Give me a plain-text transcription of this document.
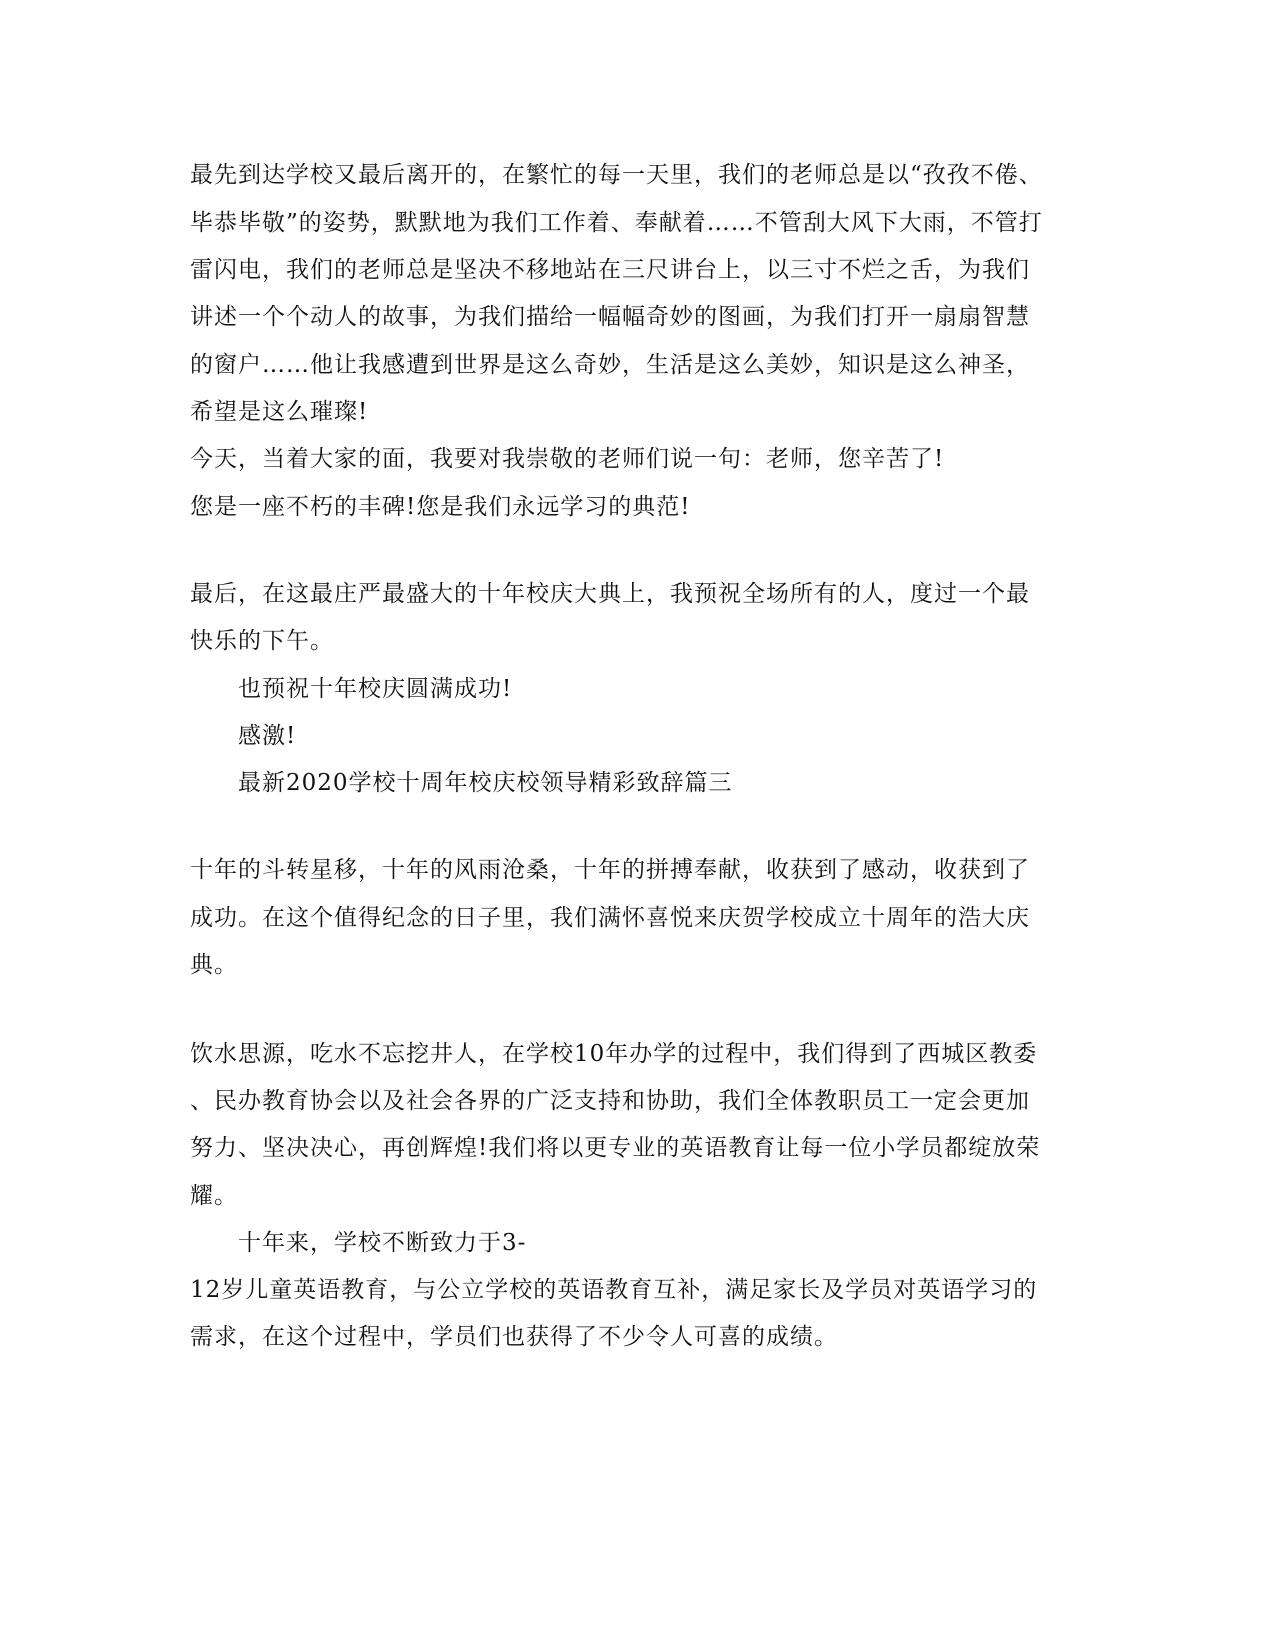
最先到达学校又最后离开的，在繁忙的每一天里，我们的老师总是以“孜孜不倦、
毕恭毕敬”的姿势，默默地为我们工作着、奉献着……不管刮大风下大雨，不管打
雷闪电，我们的老师总是坚决不移地站在三尺讲台上，以三寸不烂之舌，为我们
讲述一个个动人的故事，为我们描给一幅幅奇妙的图画，为我们打开一扇扇智慧
的窗户……他让我感遭到世界是这么奇妙，生活是这么美妙，知识是这么神圣，
希望是这么璀璨!
今天，当着大家的面，我要对我崇敬的老师们说一句：老师，您辛苦了!
您是一座不朽的丰碑!您是我们永远学习的典范!
最后，在这最庄严最盛大的十年校庆大典上，我预祝全场所有的人，度过一个最
快乐的下午。
也预祝十年校庆圆满成功!
感激!
最新2020学校十周年校庆校领导精彩致辞篇三
十年的斗转星移，十年的风雨沧桑，十年的拼搏奉献，收获到了感动，收获到了
成功。在这个值得纪念的日子里，我们满怀喜悦来庆贺学校成立十周年的浩大庆
典。
饮水思源，吃水不忘挖井人，在学校10年办学的过程中，我们得到了西城区教委
、民办教育协会以及社会各界的广泛支持和协助，我们全体教职员工一定会更加
努力、坚决决心，再创辉煌!我们将以更专业的英语教育让每一位小学员都绽放荣
耀。
十年来，学校不断致力于3-
12岁儿童英语教育，与公立学校的英语教育互补，满足家长及学员对英语学习的
需求，在这个过程中，学员们也获得了不少令人可喜的成绩。
